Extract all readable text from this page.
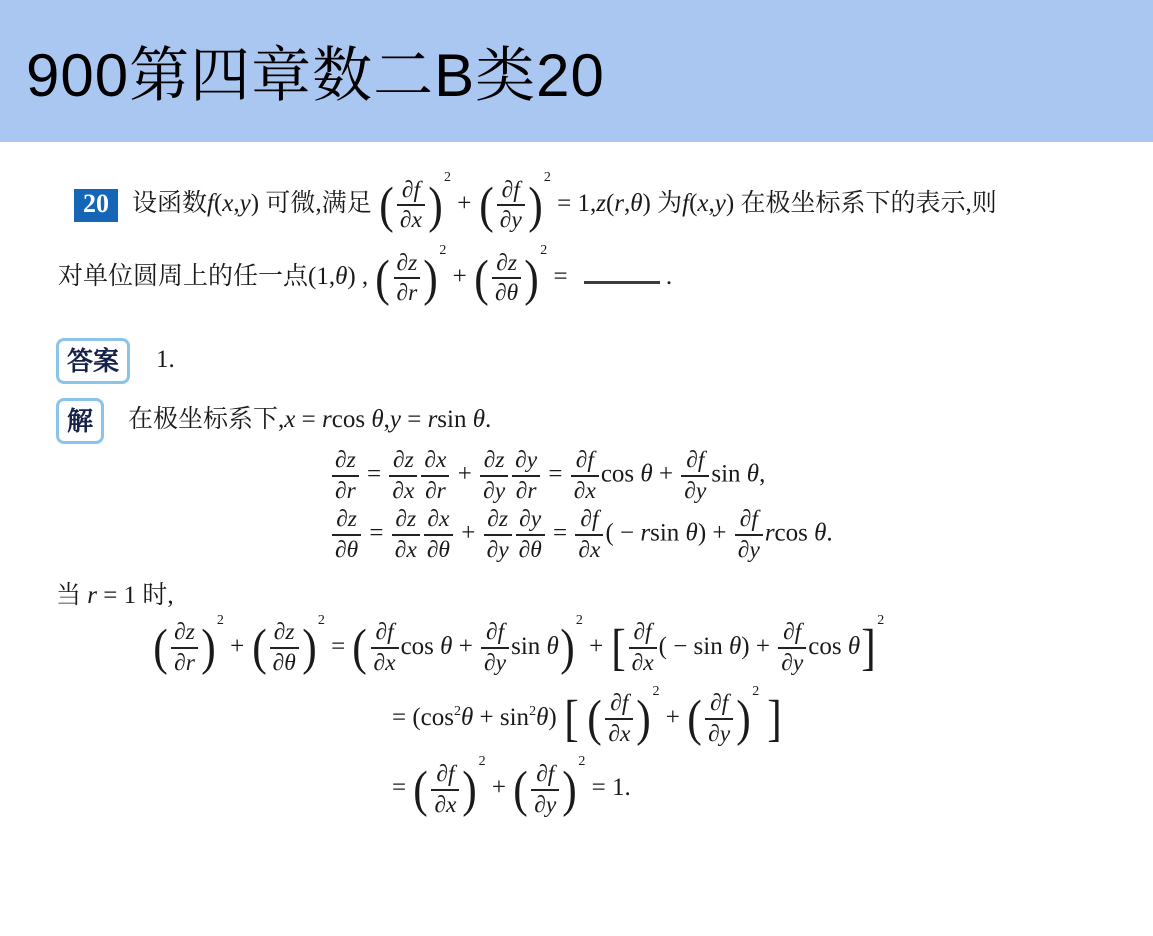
900第四章数二B类20
20 设函数f(x,y) 可微,满足 ( $\frac{\partial f}{\partial x} )^2$ + ( $\frac{\partial f}{\partial y} )^2 = 1,z(r,\theta)$ 为f(x,y) 在极坐标系下的表示,则
对单位圆周上的任一点(1,θ) , ( $\frac{\partial z}{\partial r} )^2$ + ( $\frac{\partial z}{\partial\theta} )^2$ =	.
答案 1.
解 在极坐标系下,x = rcos θ,y = rsin θ.
$\frac{\partial z}{\partial r} = \frac{\partial z}{\partial x} \frac{\partial x}{\partial r} + \frac{\partial z}{\partial y} \frac{\partial y}{\partial r} = \frac{\partial f}{\partial x}$ $\cos \theta + \frac{\partial f}{\partial y}$ sin θ,
$\frac{\partial z}{\partial\theta} = \frac{\partial z}{\partial x} \frac{\partial x}{\partial\theta} + \frac{\partial z}{\partial y} \frac{\partial y}{\partial\theta} = \frac{\partial f}{\partial x}$ ( − rsin $\theta) + \frac{\partial f}{\partial y}$ rcos θ.
当 r = 1 时,
( $\frac{\partial z}{\partial r} )^2$ + ( $\frac{\partial z}{\partial\theta} )^2$ = ( $\frac{\partial f}{\partial x}$ $\cos \theta + \frac{\partial f}{\partial y}$ sin θ)$^2$ + [ $\frac{\partial f}{\partial x}$ ( − $\sin \theta) + \frac{\partial f}{\partial y}$ cos θ]$^2$
= $(\cos^2\theta + \sin^2\theta)$ [ ( $\frac{\partial f}{\partial x} )^2$ + ( $\frac{\partial f}{\partial y} )^2$ ]
= ( $\frac{\partial f}{\partial x} )^2$ + ( $\frac{\partial f}{\partial y} )^2 = 1$.
